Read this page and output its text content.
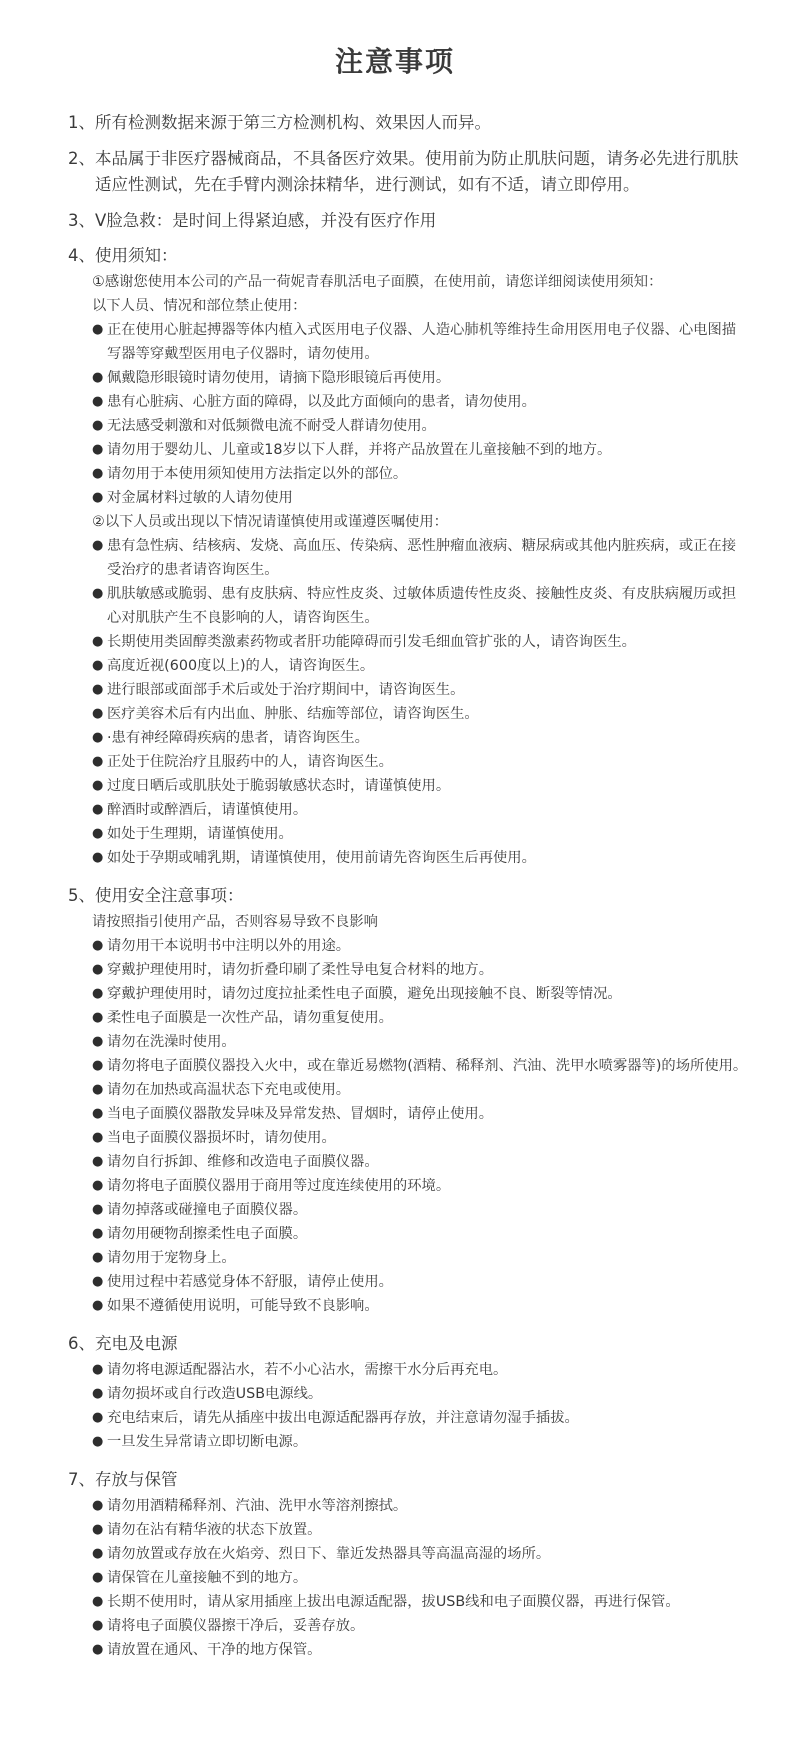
注意事项
1、 所有检测数据来源于第三方检测机构、效果因人而异。
2、 本品属于非医疗器械商品，不具备医疗效果。使用前为防止肌肤问题，请务必先进行肌肤适应性测试，先在手臂内测涂抹精华，进行测试，如有不适，请立即停用。
3、 V脸急救：是时间上得紧迫感，并没有医疗作用
4、使用须知：
①感谢您使用本公司的产品一荷妮青春肌活电子面膜，在使用前，请您详细阅读使用须知：
以下人员、情况和部位禁止使用：
● 正在使用心脏起搏器等体内植入式医用电子仪器、人造心肺机等维持生命用医用电子仪器、心电图描写器等穿戴型医用电子仪器时，请勿使用。
● 佩戴隐形眼镜时请勿使用，请摘下隐形眼镜后再使用。
● 患有心脏病、心脏方面的障碍，以及此方面倾向的患者，请勿使用。
● 无法感受刺激和对低频微电流不耐受人群请勿使用。
● 请勿用于婴幼儿、儿童或18岁以下人群，并将产品放置在儿童接触不到的地方。
● 请勿用于本使用须知使用方法指定以外的部位。
● 对金属材料过敏的人请勿使用
②以下人员或出现以下情况请谨慎使用或谨遵医嘱使用：
● 患有急性病、结核病、发烧、高血压、传染病、恶性肿瘤血液病、糖尿病或其他内脏疾病，或正在接受治疗的患者请咨询医生。
● 肌肤敏感或脆弱、患有皮肤病、特应性皮炎、过敏体质遗传性皮炎、接触性皮炎、有皮肤病履历或担心对肌肤产生不良影响的人，请咨询医生。
● 长期使用类固醇类激素药物或者肝功能障碍而引发毛细血管扩张的人，请咨询医生。
● 高度近视(600度以上)的人，请咨询医生。
● 进行眼部或面部手术后或处于治疗期间中，请咨询医生。
● 医疗美容术后有内出血、肿胀、结痂等部位，请咨询医生。
● ·患有神经障碍疾病的患者，请咨询医生。
● 正处于住院治疗且服药中的人，请咨询医生。
● 过度日晒后或肌肤处于脆弱敏感状态时，请谨慎使用。
● 醉酒时或醉酒后，请谨慎使用。
● 如处于生理期，请谨慎使用。
● 如处于孕期或哺乳期，请谨慎使用，使用前请先咨询医生后再使用。
5、使用安全注意事项：
请按照指引使用产品，否则容易导致不良影响
● 请勿用干本说明书中注明以外的用途。
● 穿戴护理使用时，请勿折叠印刷了柔性导电复合材料的地方。
● 穿戴护理使用时，请勿过度拉扯柔性电子面膜，避免出现接触不良、断裂等情况。
● 柔性电子面膜是一次性产品，请勿重复使用。
● 请勿在洗澡时使用。
● 请勿将电子面膜仪器投入火中，或在靠近易燃物(酒精、稀释剂、汽油、洗甲水喷雾器等)的场所使用。
● 请勿在加热或高温状态下充电或使用。
● 当电子面膜仪器散发异味及异常发热、冒烟时，请停止使用。
● 当电子面膜仪器损坏时，请勿使用。
● 请勿自行拆卸、维修和改造电子面膜仪器。
● 请勿将电子面膜仪器用于商用等过度连续使用的环境。
● 请勿掉落或碰撞电子面膜仪器。
● 请勿用硬物刮擦柔性电子面膜。
● 请勿用于宠物身上。
● 使用过程中若感觉身体不舒服，请停止使用。
● 如果不遵循使用说明，可能导致不良影响。
6、充电及电源
● 请勿将电源适配器沾水，若不小心沾水，需擦干水分后再充电。
● 请勿损坏或自行改造USB电源线。
● 充电结束后，请先从插座中拔出电源适配器再存放，并注意请勿湿手插拔。
● 一旦发生异常请立即切断电源。
7、存放与保管
● 请勿用酒精稀释剂、汽油、洗甲水等溶剂擦拭。
● 请勿在沾有精华液的状态下放置。
● 请勿放置或存放在火焰旁、烈日下、靠近发热器具等高温高湿的场所。
● 请保管在儿童接触不到的地方。
● 长期不使用时，请从家用插座上拔出电源适配器，拔USB线和电子面膜仪器，再进行保管。
● 请将电子面膜仪器擦干净后，妥善存放。
● 请放置在通风、干净的地方保管。
